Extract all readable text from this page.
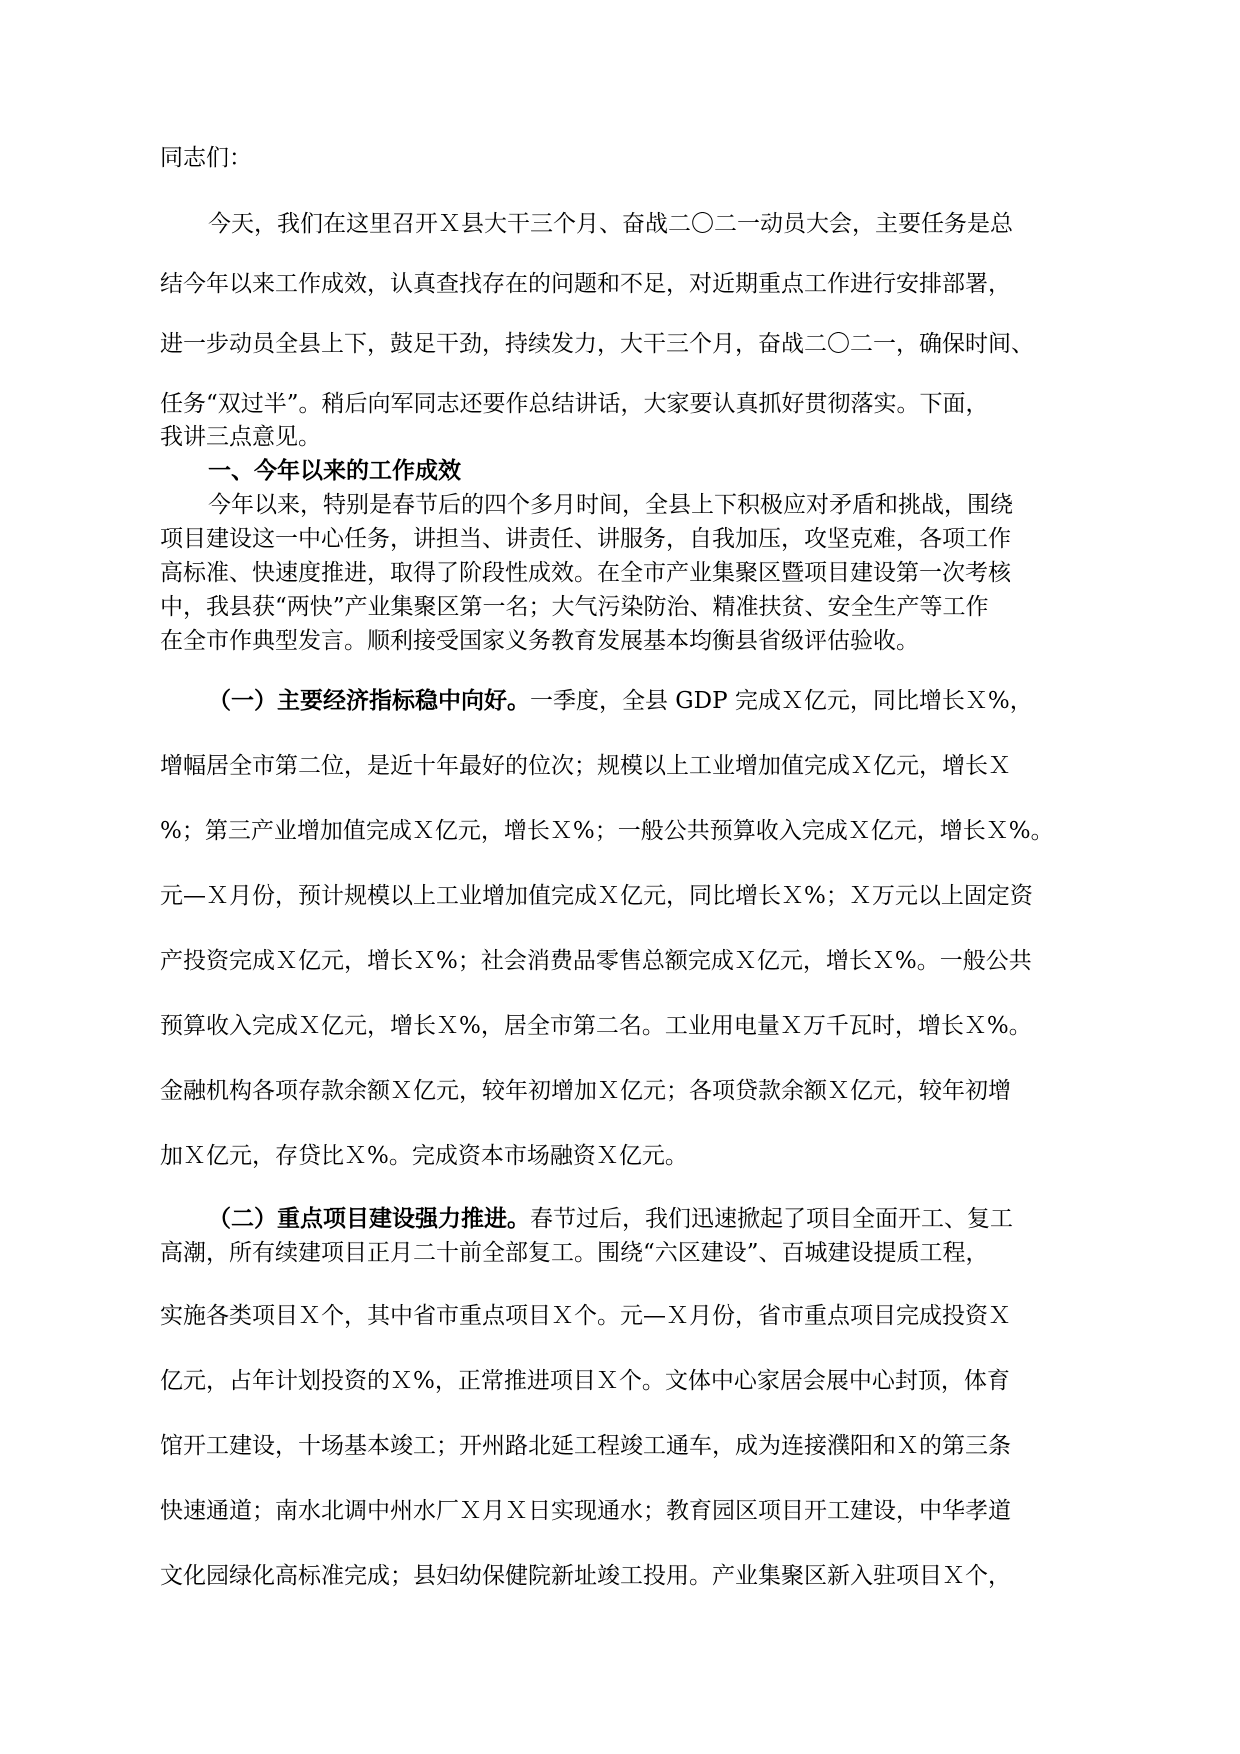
同志们：
今天，我们在这里召开Ｘ县大干三个月、奋战二〇二一动员大会，主要任务是总
结今年以来工作成效，认真查找存在的问题和不足，对近期重点工作进行安排部署，
进一步动员全县上下，鼓足干劲，持续发力，大干三个月，奋战二〇二一，确保时间、
任务“双过半”。稍后向军同志还要作总结讲话，大家要认真抓好贯彻落实。下面，
我讲三点意见。
一、今年以来的工作成效
今年以来，特别是春节后的四个多月时间，全县上下积极应对矛盾和挑战，围绕
项目建设这一中心任务，讲担当、讲责任、讲服务，自我加压，攻坚克难，各项工作
高标准、快速度推进，取得了阶段性成效。在全市产业集聚区暨项目建设第一次考核
中，我县获“两快”产业集聚区第一名；大气污染防治、精准扶贫、安全生产等工作
在全市作典型发言。顺利接受国家义务教育发展基本均衡县省级评估验收。
（一）主要经济指标稳中向好。一季度，全县 GDP 完成Ｘ亿元，同比增长Ｘ%，
增幅居全市第二位，是近十年最好的位次；规模以上工业增加值完成Ｘ亿元，增长Ｘ
%；第三产业增加值完成Ｘ亿元，增长Ｘ%；一般公共预算收入完成Ｘ亿元，增长Ｘ%。
元—Ｘ月份，预计规模以上工业增加值完成Ｘ亿元，同比增长Ｘ%；Ｘ万元以上固定资
产投资完成Ｘ亿元，增长Ｘ%；社会消费品零售总额完成Ｘ亿元，增长Ｘ%。一般公共
预算收入完成Ｘ亿元，增长Ｘ%，居全市第二名。工业用电量Ｘ万千瓦时，增长Ｘ%。
金融机构各项存款余额Ｘ亿元，较年初增加Ｘ亿元；各项贷款余额Ｘ亿元，较年初增
加Ｘ亿元，存贷比Ｘ%。完成资本市场融资Ｘ亿元。
（二）重点项目建设强力推进。春节过后，我们迅速掀起了项目全面开工、复工
高潮，所有续建项目正月二十前全部复工。围绕“六区建设”、百城建设提质工程，
实施各类项目Ｘ个，其中省市重点项目Ｘ个。元—Ｘ月份，省市重点项目完成投资Ｘ
亿元，占年计划投资的Ｘ%，正常推进项目Ｘ个。文体中心家居会展中心封顶，体育
馆开工建设，十场基本竣工；开州路北延工程竣工通车，成为连接濮阳和Ｘ的第三条
快速通道；南水北调中州水厂Ｘ月Ｘ日实现通水；教育园区项目开工建设，中华孝道
文化园绿化高标准完成；县妇幼保健院新址竣工投用。产业集聚区新入驻项目Ｘ个，
